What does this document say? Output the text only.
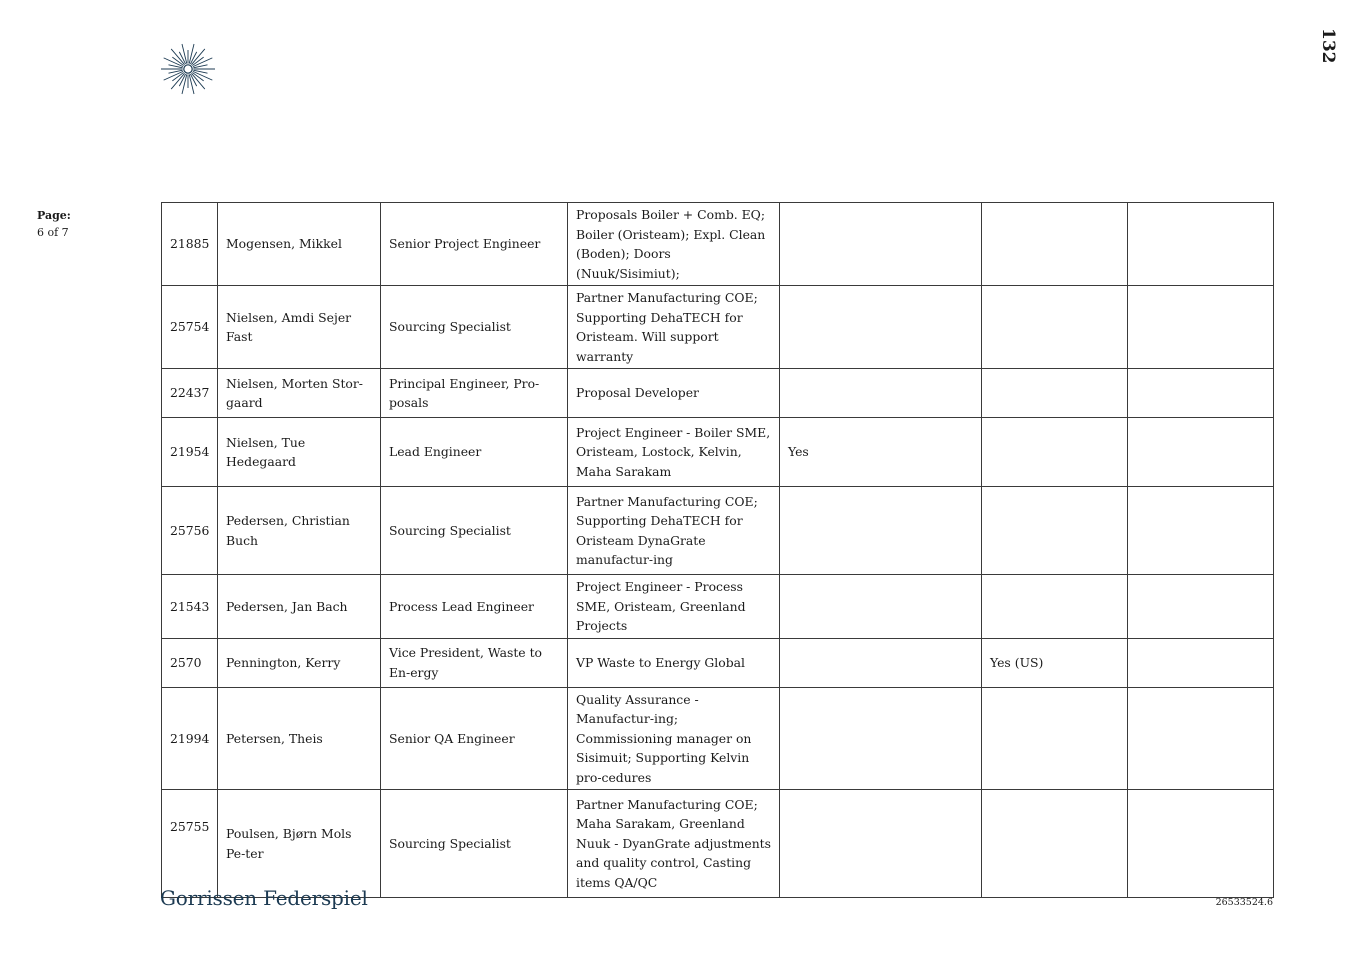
132
Page:
6 of 7
21885	Mogensen, Mikkel	Senior Project Engineer	Proposals Boiler + Comb. EQ; Boiler (Oristeam); Expl. Clean (Boden); Doors (Nuuk/Sisimiut);			
25754	Nielsen, Amdi Sejer Fast	Sourcing Specialist	Partner Manufacturing COE; Supporting DehaTECH for Oristeam. Will support warranty			
22437	Nielsen, Morten Stor-gaard	Principal Engineer, Pro-posals	Proposal Developer			
21954	Nielsen, Tue Hedegaard	Lead Engineer	Project Engineer - Boiler SME, Oristeam, Lostock, Kelvin, Maha Sarakam	Yes		
25756	Pedersen, Christian Buch	Sourcing Specialist	Partner Manufacturing COE; Supporting DehaTECH for Oristeam DynaGrate manufactur-ing			
21543	Pedersen, Jan Bach	Process Lead Engineer	Project Engineer - Process SME, Oristeam, Greenland Projects			
2570	Pennington, Kerry	Vice President, Waste to En-ergy	VP Waste to Energy Global		Yes (US)	
21994	Petersen, Theis	Senior QA Engineer	Quality Assurance - Manufactur-ing; Commissioning manager on Sisimuit; Supporting Kelvin pro-cedures			
25755	Poulsen, Bjørn Mols Pe-ter	Sourcing Specialist	Partner Manufacturing COE; Maha Sarakam, Greenland Nuuk - DyanGrate adjustments and quality control, Casting items QA/QC			
Gorrissen Federspiel	26533524.6
